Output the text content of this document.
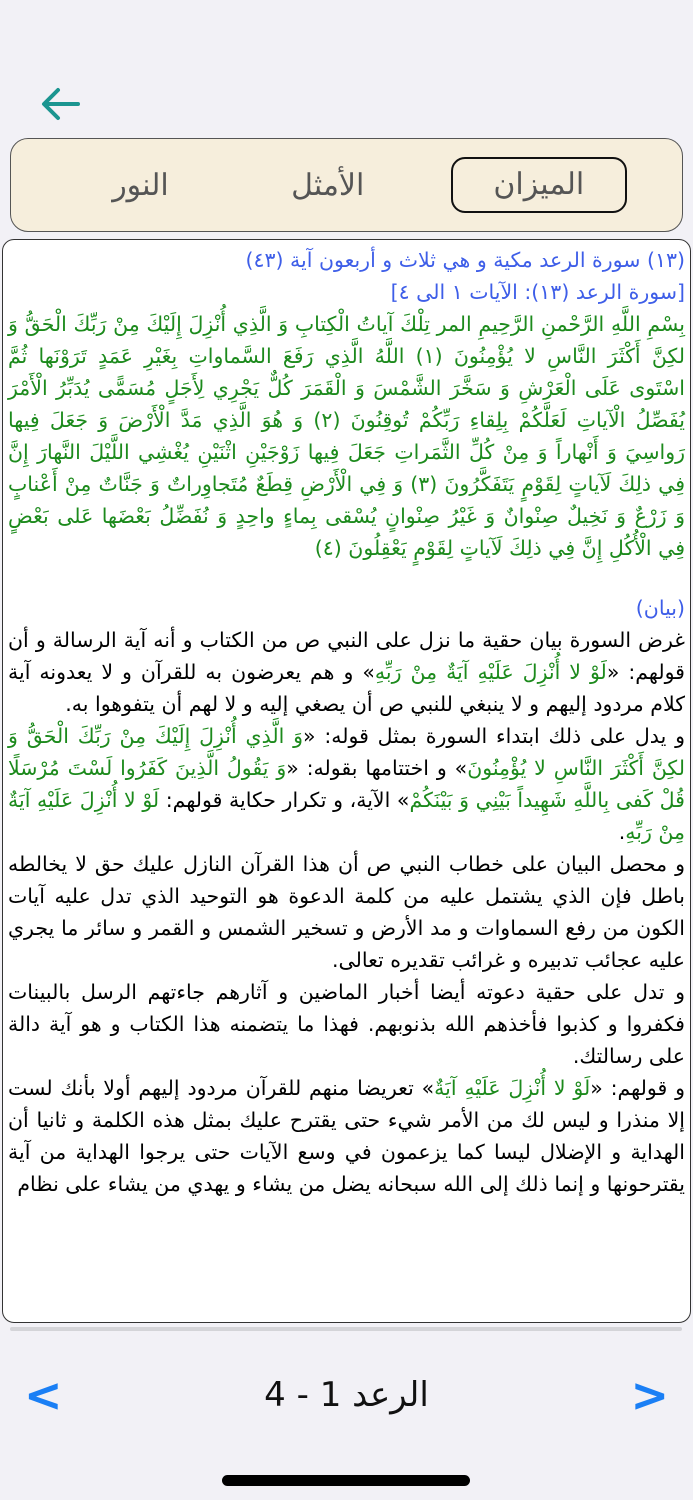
الميزان
الأمثل
النور

(١٣) سورة الرعد مكية و هي ثلاث و أربعون آية (٤٣)

[سورة الرعد (١٣): الآيات ١ الى ٤]

بِسْمِ اللَّهِ الرَّحْمنِ الرَّحِيمِ المر تِلْكَ آياتُ الْكِتابِ وَ الَّذِي أُنْزِلَ إِلَيْكَ مِنْ رَبِّكَ الْحَقُّ وَ لكِنَّ أَكْثَرَ النَّاسِ لا يُؤْمِنُونَ (١) اللَّهُ الَّذِي رَفَعَ السَّماواتِ بِغَيْرِ عَمَدٍ تَرَوْنَها ثُمَّ اسْتَوى عَلَى الْعَرْشِ وَ سَخَّرَ الشَّمْسَ وَ الْقَمَرَ كُلٌّ يَجْرِي لِأَجَلٍ مُسَمًّى يُدَبِّرُ الْأَمْرَ يُفَصِّلُ الْآياتِ لَعَلَّكُمْ بِلِقاءِ رَبِّكُمْ تُوقِنُونَ (٢) وَ هُوَ الَّذِي مَدَّ الْأَرْضَ وَ جَعَلَ فِيها رَواسِيَ وَ أَنْهاراً وَ مِنْ كُلِّ الثَّمَراتِ جَعَلَ فِيها زَوْجَيْنِ اثْنَيْنِ يُغْشِي اللَّيْلَ النَّهارَ إِنَّ فِي ذلِكَ لَآياتٍ لِقَوْمٍ يَتَفَكَّرُونَ (٣) وَ فِي الْأَرْضِ قِطَعٌ مُتَجاوِراتٌ وَ جَنَّاتٌ مِنْ أَعْنابٍ وَ زَرْعٌ وَ نَخِيلٌ صِنْوانٌ وَ غَيْرُ صِنْوانٍ يُسْقى بِماءٍ واحِدٍ وَ نُفَضِّلُ بَعْضَها عَلى بَعْضٍ فِي الْأُكُلِ إِنَّ فِي ذلِكَ لَآياتٍ لِقَوْمٍ يَعْقِلُونَ (٤)

(بيان)

غرض السورة بيان حقية ما نزل على النبي ص من الكتاب و أنه آية الرسالة و أن قولهم: «لَوْ لا أُنْزِلَ عَلَيْهِ آيَةٌ مِنْ رَبِّهِ» و هم يعرضون به للقرآن و لا يعدونه آية كلام مردود إليهم و لا ينبغي للنبي ص أن يصغي إليه و لا لهم أن يتفوهوا به.

و يدل على ذلك ابتداء السورة بمثل قوله: «وَ الَّذِي أُنْزِلَ إِلَيْكَ مِنْ رَبِّكَ الْحَقُّ وَ لكِنَّ أَكْثَرَ النَّاسِ لا يُؤْمِنُونَ» و اختتامها بقوله: «وَ يَقُولُ الَّذِينَ كَفَرُوا لَسْتَ مُرْسَلًا قُلْ كَفى بِاللَّهِ شَهِيداً بَيْنِي وَ بَيْنَكُمْ» الآية، و تكرار حكاية قولهم: لَوْ لا أُنْزِلَ عَلَيْهِ آيَةٌ مِنْ رَبِّهِ.

و محصل البيان على خطاب النبي ص أن هذا القرآن النازل عليك حق لا يخالطه باطل فإن الذي يشتمل عليه من كلمة الدعوة هو التوحيد الذي تدل عليه آيات الكون من رفع السماوات و مد الأرض و تسخير الشمس و القمر و سائر ما يجري عليه عجائب تدبيره و غرائب تقديره تعالى.

و تدل على حقية دعوته أيضا أخبار الماضين و آثارهم جاءتهم الرسل بالبينات فكفروا و كذبوا فأخذهم الله بذنوبهم. فهذا ما يتضمنه هذا الكتاب و هو آية دالة على رسالتك.

و قولهم: «لَوْ لا أُنْزِلَ عَلَيْهِ آيَةٌ» تعريضا منهم للقرآن مردود إليهم أولا بأنك لست إلا منذرا و ليس لك من الأمر شيء حتى يقترح عليك بمثل هذه الكلمة و ثانيا أن الهداية و الإضلال ليسا كما يزعمون في وسع الآيات حتى يرجوا الهداية من آية يقترحونها و إنما ذلك إلى الله سبحانه يضل من يشاء و يهدي من يشاء على نظام

<	الرعد 1 - 4	>
